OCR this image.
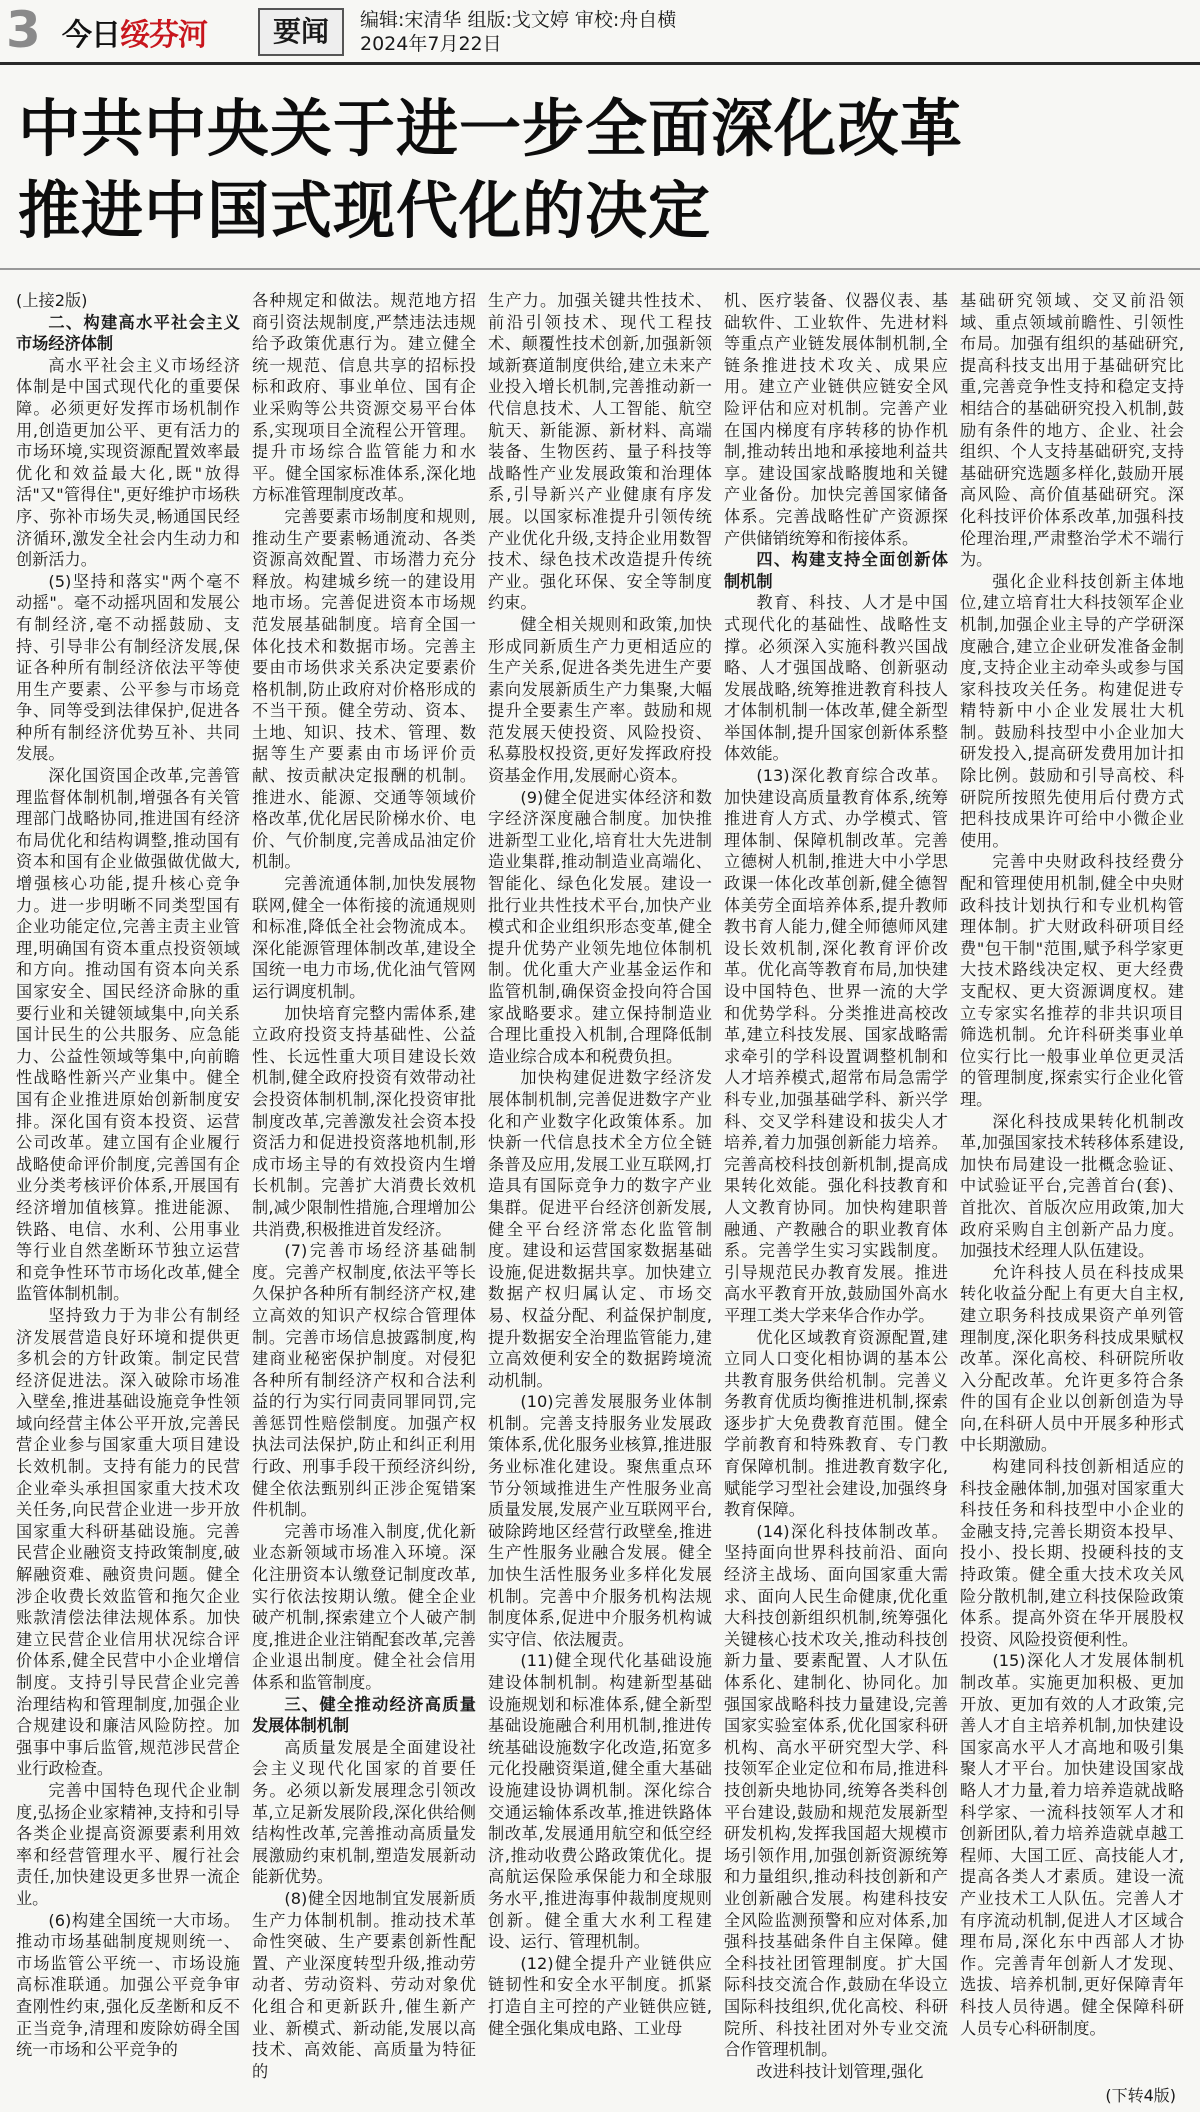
3 今日绥芬河	要闻	编辑:宋清华 组版:戈文婷 审校:舟自横
2024年7月22日
中共中央关于进一步全面深化改革
推进中国式现代化的决定

(上接2版)

二、构建高水平社会主义市场经济体制

高水平社会主义市场经济体制是中国式现代化的重要保障。必须更好发挥市场机制作用,创造更加公平、更有活力的市场环境,实现资源配置效率最优化和效益最大化,既"放得活"又"管得住",更好维护市场秩序、弥补市场失灵,畅通国民经济循环,激发全社会内生动力和创新活力。

(5)坚持和落实"两个毫不动摇"。毫不动摇巩固和发展公有制经济,毫不动摇鼓励、支持、引导非公有制经济发展,保证各种所有制经济依法平等使用生产要素、公平参与市场竞争、同等受到法律保护,促进各种所有制经济优势互补、共同发展。

深化国资国企改革,完善管理监督体制机制,增强各有关管理部门战略协同,推进国有经济布局优化和结构调整,推动国有资本和国有企业做强做优做大,增强核心功能,提升核心竞争力。进一步明晰不同类型国有企业功能定位,完善主责主业管理,明确国有资本重点投资领域和方向。推动国有资本向关系国家安全、国民经济命脉的重要行业和关键领域集中,向关系国计民生的公共服务、应急能力、公益性领域等集中,向前瞻性战略性新兴产业集中。健全国有企业推进原始创新制度安排。深化国有资本投资、运营公司改革。建立国有企业履行战略使命评价制度,完善国有企业分类考核评价体系,开展国有经济增加值核算。推进能源、铁路、电信、水利、公用事业等行业自然垄断环节独立运营和竞争性环节市场化改革,健全监管体制机制。

坚持致力于为非公有制经济发展营造良好环境和提供更多机会的方针政策。制定民营经济促进法。深入破除市场准入壁垒,推进基础设施竞争性领域向经营主体公平开放,完善民营企业参与国家重大项目建设长效机制。支持有能力的民营企业牵头承担国家重大技术攻关任务,向民营企业进一步开放国家重大科研基础设施。完善民营企业融资支持政策制度,破解融资难、融资贵问题。健全涉企收费长效监管和拖欠企业账款清偿法律法规体系。加快建立民营企业信用状况综合评价体系,健全民营中小企业增信制度。支持引导民营企业完善治理结构和管理制度,加强企业合规建设和廉洁风险防控。加强事中事后监管,规范涉民营企业行政检查。

完善中国特色现代企业制度,弘扬企业家精神,支持和引导各类企业提高资源要素利用效率和经营管理水平、履行社会责任,加快建设更多世界一流企业。

(6)构建全国统一大市场。推动市场基础制度规则统一、市场监管公平统一、市场设施高标准联通。加强公平竞争审查刚性约束,强化反垄断和反不正当竞争,清理和废除妨碍全国统一市场和公平竞争的

各种规定和做法。规范地方招商引资法规制度,严禁违法违规给予政策优惠行为。建立健全统一规范、信息共享的招标投标和政府、事业单位、国有企业采购等公共资源交易平台体系,实现项目全流程公开管理。提升市场综合监管能力和水平。健全国家标准体系,深化地方标准管理制度改革。

完善要素市场制度和规则,推动生产要素畅通流动、各类资源高效配置、市场潜力充分释放。构建城乡统一的建设用地市场。完善促进资本市场规范发展基础制度。培育全国一体化技术和数据市场。完善主要由市场供求关系决定要素价格机制,防止政府对价格形成的不当干预。健全劳动、资本、土地、知识、技术、管理、数据等生产要素由市场评价贡献、按贡献决定报酬的机制。推进水、能源、交通等领域价格改革,优化居民阶梯水价、电价、气价制度,完善成品油定价机制。

完善流通体制,加快发展物联网,健全一体衔接的流通规则和标准,降低全社会物流成本。深化能源管理体制改革,建设全国统一电力市场,优化油气管网运行调度机制。

加快培育完整内需体系,建立政府投资支持基础性、公益性、长远性重大项目建设长效机制,健全政府投资有效带动社会投资体制机制,深化投资审批制度改革,完善激发社会资本投资活力和促进投资落地机制,形成市场主导的有效投资内生增长机制。完善扩大消费长效机制,减少限制性措施,合理增加公共消费,积极推进首发经济。

(7)完善市场经济基础制度。完善产权制度,依法平等长久保护各种所有制经济产权,建立高效的知识产权综合管理体制。完善市场信息披露制度,构建商业秘密保护制度。对侵犯各种所有制经济产权和合法利益的行为实行同责同罪同罚,完善惩罚性赔偿制度。加强产权执法司法保护,防止和纠正利用行政、刑事手段干预经济纠纷,健全依法甄别纠正涉企冤错案件机制。

完善市场准入制度,优化新业态新领域市场准入环境。深化注册资本认缴登记制度改革,实行依法按期认缴。健全企业破产机制,探索建立个人破产制度,推进企业注销配套改革,完善企业退出制度。健全社会信用体系和监管制度。

三、健全推动经济高质量发展体制机制

高质量发展是全面建设社会主义现代化国家的首要任务。必须以新发展理念引领改革,立足新发展阶段,深化供给侧结构性改革,完善推动高质量发展激励约束机制,塑造发展新动能新优势。

(8)健全因地制宜发展新质生产力体制机制。推动技术革命性突破、生产要素创新性配置、产业深度转型升级,推动劳动者、劳动资料、劳动对象优化组合和更新跃升,催生新产业、新模式、新动能,发展以高技术、高效能、高质量为特征的

生产力。加强关键共性技术、前沿引领技术、现代工程技术、颠覆性技术创新,加强新领域新赛道制度供给,建立未来产业投入增长机制,完善推动新一代信息技术、人工智能、航空航天、新能源、新材料、高端装备、生物医药、量子科技等战略性产业发展政策和治理体系,引导新兴产业健康有序发展。以国家标准提升引领传统产业优化升级,支持企业用数智技术、绿色技术改造提升传统产业。强化环保、安全等制度约束。

健全相关规则和政策,加快形成同新质生产力更相适应的生产关系,促进各类先进生产要素向发展新质生产力集聚,大幅提升全要素生产率。鼓励和规范发展天使投资、风险投资、私募股权投资,更好发挥政府投资基金作用,发展耐心资本。

(9)健全促进实体经济和数字经济深度融合制度。加快推进新型工业化,培育壮大先进制造业集群,推动制造业高端化、智能化、绿色化发展。建设一批行业共性技术平台,加快产业模式和企业组织形态变革,健全提升优势产业领先地位体制机制。优化重大产业基金运作和监管机制,确保资金投向符合国家战略要求。建立保持制造业合理比重投入机制,合理降低制造业综合成本和税费负担。

加快构建促进数字经济发展体制机制,完善促进数字产业化和产业数字化政策体系。加快新一代信息技术全方位全链条普及应用,发展工业互联网,打造具有国际竞争力的数字产业集群。促进平台经济创新发展,健全平台经济常态化监管制度。建设和运营国家数据基础设施,促进数据共享。加快建立数据产权归属认定、市场交易、权益分配、利益保护制度,提升数据安全治理监管能力,建立高效便利安全的数据跨境流动机制。

(10)完善发展服务业体制机制。完善支持服务业发展政策体系,优化服务业核算,推进服务业标准化建设。聚焦重点环节分领域推进生产性服务业高质量发展,发展产业互联网平台,破除跨地区经营行政壁垒,推进生产性服务业融合发展。健全加快生活性服务业多样化发展机制。完善中介服务机构法规制度体系,促进中介服务机构诚实守信、依法履责。

(11)健全现代化基础设施建设体制机制。构建新型基础设施规划和标准体系,健全新型基础设施融合利用机制,推进传统基础设施数字化改造,拓宽多元化投融资渠道,健全重大基础设施建设协调机制。深化综合交通运输体系改革,推进铁路体制改革,发展通用航空和低空经济,推动收费公路政策优化。提高航运保险承保能力和全球服务水平,推进海事仲裁制度规则创新。健全重大水利工程建设、运行、管理机制。

(12)健全提升产业链供应链韧性和安全水平制度。抓紧打造自主可控的产业链供应链,健全强化集成电路、工业母

机、医疗装备、仪器仪表、基础软件、工业软件、先进材料等重点产业链发展体制机制,全链条推进技术攻关、成果应用。建立产业链供应链安全风险评估和应对机制。完善产业在国内梯度有序转移的协作机制,推动转出地和承接地利益共享。建设国家战略腹地和关键产业备份。加快完善国家储备体系。完善战略性矿产资源探产供储销统筹和衔接体系。

四、构建支持全面创新体制机制

教育、科技、人才是中国式现代化的基础性、战略性支撑。必须深入实施科教兴国战略、人才强国战略、创新驱动发展战略,统筹推进教育科技人才体制机制一体改革,健全新型举国体制,提升国家创新体系整体效能。

(13)深化教育综合改革。加快建设高质量教育体系,统筹推进育人方式、办学模式、管理体制、保障机制改革。完善立德树人机制,推进大中小学思政课一体化改革创新,健全德智体美劳全面培养体系,提升教师教书育人能力,健全师德师风建设长效机制,深化教育评价改革。优化高等教育布局,加快建设中国特色、世界一流的大学和优势学科。分类推进高校改革,建立科技发展、国家战略需求牵引的学科设置调整机制和人才培养模式,超常布局急需学科专业,加强基础学科、新兴学科、交叉学科建设和拔尖人才培养,着力加强创新能力培养。完善高校科技创新机制,提高成果转化效能。强化科技教育和人文教育协同。加快构建职普融通、产教融合的职业教育体系。完善学生实习实践制度。引导规范民办教育发展。推进高水平教育开放,鼓励国外高水平理工类大学来华合作办学。

优化区域教育资源配置,建立同人口变化相协调的基本公共教育服务供给机制。完善义务教育优质均衡推进机制,探索逐步扩大免费教育范围。健全学前教育和特殊教育、专门教育保障机制。推进教育数字化,赋能学习型社会建设,加强终身教育保障。

(14)深化科技体制改革。坚持面向世界科技前沿、面向经济主战场、面向国家重大需求、面向人民生命健康,优化重大科技创新组织机制,统筹强化关键核心技术攻关,推动科技创新力量、要素配置、人才队伍体系化、建制化、协同化。加强国家战略科技力量建设,完善国家实验室体系,优化国家科研机构、高水平研究型大学、科技领军企业定位和布局,推进科技创新央地协同,统筹各类科创平台建设,鼓励和规范发展新型研发机构,发挥我国超大规模市场引领作用,加强创新资源统筹和力量组织,推动科技创新和产业创新融合发展。构建科技安全风险监测预警和应对体系,加强科技基础条件自主保障。健全科技社团管理制度。扩大国际科技交流合作,鼓励在华设立国际科技组织,优化高校、科研院所、科技社团对外专业交流合作管理机制。

改进科技计划管理,强化

基础研究领域、交叉前沿领域、重点领域前瞻性、引领性布局。加强有组织的基础研究,提高科技支出用于基础研究比重,完善竞争性支持和稳定支持相结合的基础研究投入机制,鼓励有条件的地方、企业、社会组织、个人支持基础研究,支持基础研究选题多样化,鼓励开展高风险、高价值基础研究。深化科技评价体系改革,加强科技伦理治理,严肃整治学术不端行为。

强化企业科技创新主体地位,建立培育壮大科技领军企业机制,加强企业主导的产学研深度融合,建立企业研发准备金制度,支持企业主动牵头或参与国家科技攻关任务。构建促进专精特新中小企业发展壮大机制。鼓励科技型中小企业加大研发投入,提高研发费用加计扣除比例。鼓励和引导高校、科研院所按照先使用后付费方式把科技成果许可给中小微企业使用。

完善中央财政科技经费分配和管理使用机制,健全中央财政科技计划执行和专业机构管理体制。扩大财政科研项目经费"包干制"范围,赋予科学家更大技术路线决定权、更大经费支配权、更大资源调度权。建立专家实名推荐的非共识项目筛选机制。允许科研类事业单位实行比一般事业单位更灵活的管理制度,探索实行企业化管理。

深化科技成果转化机制改革,加强国家技术转移体系建设,加快布局建设一批概念验证、中试验证平台,完善首台(套)、首批次、首版次应用政策,加大政府采购自主创新产品力度。加强技术经理人队伍建设。

允许科技人员在科技成果转化收益分配上有更大自主权,建立职务科技成果资产单列管理制度,深化职务科技成果赋权改革。深化高校、科研院所收入分配改革。允许更多符合条件的国有企业以创新创造为导向,在科研人员中开展多种形式中长期激励。

构建同科技创新相适应的科技金融体制,加强对国家重大科技任务和科技型中小企业的金融支持,完善长期资本投早、投小、投长期、投硬科技的支持政策。健全重大技术攻关风险分散机制,建立科技保险政策体系。提高外资在华开展股权投资、风险投资便利性。

(15)深化人才发展体制机制改革。实施更加积极、更加开放、更加有效的人才政策,完善人才自主培养机制,加快建设国家高水平人才高地和吸引集聚人才平台。加快建设国家战略人才力量,着力培养造就战略科学家、一流科技领军人才和创新团队,着力培养造就卓越工程师、大国工匠、高技能人才,提高各类人才素质。建设一流产业技术工人队伍。完善人才有序流动机制,促进人才区域合理布局,深化东中西部人才协作。完善青年创新人才发现、选拔、培养机制,更好保障青年科技人员待遇。健全保障科研人员专心科研制度。

(下转4版)
